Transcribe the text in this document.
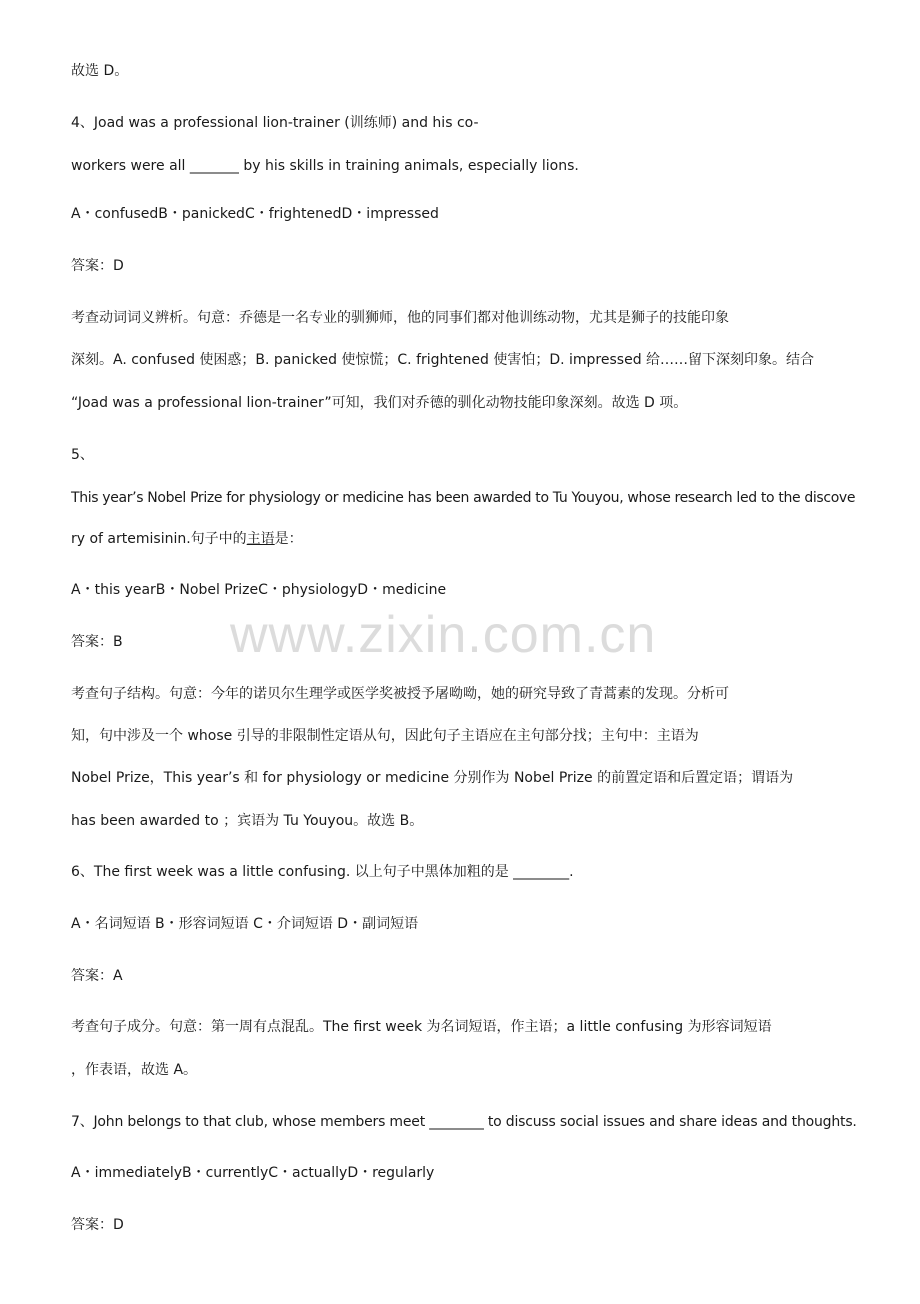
www.zixin.com.cn
故选 D。
4、Joad was a professional lion-trainer (训练师) and his co-
workers were all _______ by his skills in training animals, especially lions.
A・confusedB・panickedC・frightenedD・impressed
答案：D
考查动词词义辨析。句意：乔德是一名专业的驯狮师，他的同事们都对他训练动物，尤其是狮子的技能印象
深刻。A. confused 使困惑；B. panicked 使惊慌；C. frightened 使害怕；D. impressed 给……留下深刻印象。结合
“Joad was a professional lion-trainer”可知，我们对乔德的驯化动物技能印象深刻。故选 D 项。
5、
This year’s Nobel Prize for physiology or medicine has been awarded to Tu Youyou, whose research led to the discove
ry of artemisinin.句子中的主语是：
A・this yearB・Nobel PrizeC・physiologyD・medicine
答案：B
考查句子结构。句意：今年的诺贝尔生理学或医学奖被授予屠呦呦，她的研究导致了青蒿素的发现。分析可
知，句中涉及一个 whose 引导的非限制性定语从句，因此句子主语应在主句部分找；主句中：主语为
Nobel Prize，This year’s 和 for physiology or medicine 分别作为 Nobel Prize 的前置定语和后置定语；谓语为
has been awarded to ；宾语为 Tu Youyou。故选 B。
6、The first week was a little confusing. 以上句子中黑体加粗的是 ________.
A・名词短语 B・形容词短语 C・介词短语 D・副词短语
答案：A
考查句子成分。句意：第一周有点混乱。The first week 为名词短语，作主语；a little confusing 为形容词短语
，作表语，故选 A。
7、John belongs to that club, whose members meet ________ to discuss social issues and share ideas and thoughts.
A・immediatelyB・currentlyC・actuallyD・regularly
答案：D
